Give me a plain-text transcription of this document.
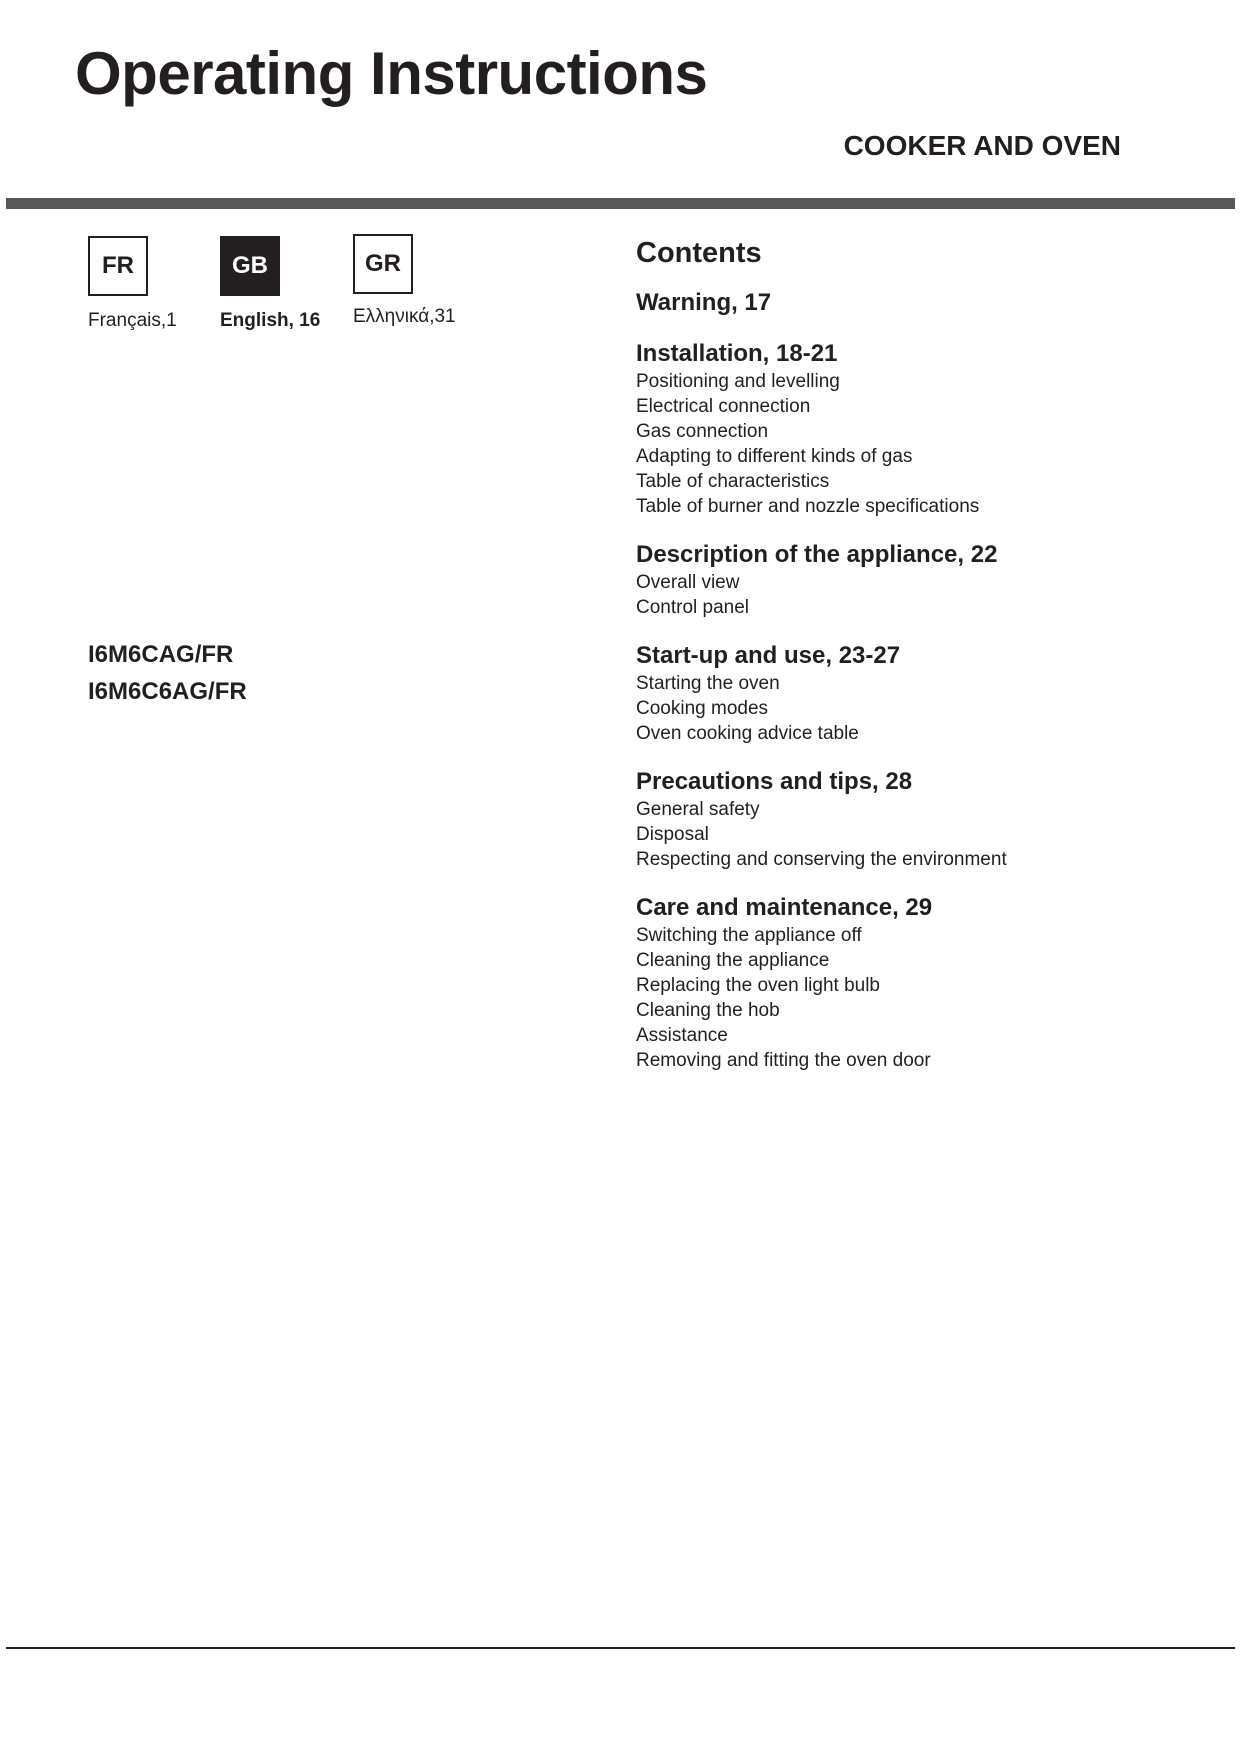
Operating Instructions
COOKER AND OVEN
FR
Français,1
GB
English, 16
GR
Ελληνικά,31
I6M6CAG/FR
I6M6C6AG/FR
Contents
Warning, 17
Installation, 18-21
Positioning and levelling
Electrical connection
Gas connection
Adapting to different kinds of gas
Table of characteristics
Table of burner and nozzle specifications
Description of the appliance, 22
Overall view
Control panel
Start-up and use, 23-27
Starting the oven
Cooking modes
Oven cooking advice table
Precautions and tips, 28
General safety
Disposal
Respecting and conserving the environment
Care and maintenance, 29
Switching the appliance off
Cleaning the appliance
Replacing the oven light bulb
Cleaning the hob
Assistance
Removing and fitting the oven door
